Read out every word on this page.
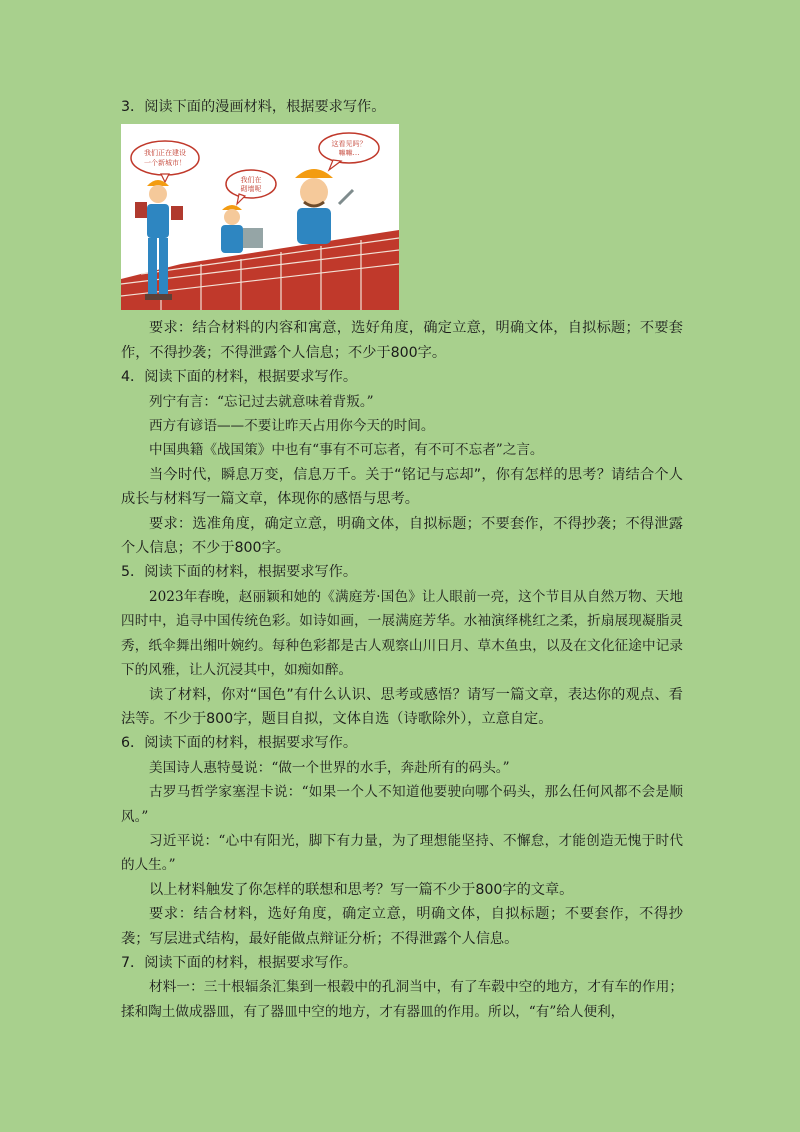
3．阅读下面的漫画材料，根据要求写作。

我们正在建设
一个新城市！
我们在
砌墙呢
这看见吗？
嘛嘛…

要求：结合材料的内容和寓意，选好角度，确定立意，明确文体，自拟标题；不要套作，不得抄袭；不得泄露个人信息；不少于800字。

4．阅读下面的材料，根据要求写作。

列宁有言：“忘记过去就意味着背叛。”

西方有谚语——不要让昨天占用你今天的时间。

中国典籍《战国策》中也有“事有不可忘者，有不可不忘者”之言。

当今时代，瞬息万变，信息万千。关于“铭记与忘却”，你有怎样的思考？请结合个人成长与材料写一篇文章，体现你的感悟与思考。

要求：选准角度，确定立意，明确文体，自拟标题；不要套作，不得抄袭；不得泄露个人信息；不少于800字。

5．阅读下面的材料，根据要求写作。

2023年春晚，赵丽颖和她的《满庭芳·国色》让人眼前一亮，这个节目从自然万物、天地四时中，追寻中国传统色彩。如诗如画，一展满庭芳华。水袖演绎桃红之柔，折扇展现凝脂灵秀，纸伞舞出缃叶婉约。每种色彩都是古人观察山川日月、草木鱼虫，以及在文化征途中记录下的风雅，让人沉浸其中，如痴如醉。

读了材料，你对“国色”有什么认识、思考或感悟？请写一篇文章，表达你的观点、看法等。不少于800字，题目自拟，文体自选（诗歌除外），立意自定。

6．阅读下面的材料，根据要求写作。

美国诗人惠特曼说：“做一个世界的水手，奔赴所有的码头。”

古罗马哲学家塞涅卡说：“如果一个人不知道他要驶向哪个码头，那么任何风都不会是顺风。”

习近平说：“心中有阳光，脚下有力量，为了理想能坚持、不懈怠，才能创造无愧于时代的人生。”

以上材料触发了你怎样的联想和思考？写一篇不少于800字的文章。

要求：结合材料，选好角度，确定立意，明确文体，自拟标题；不要套作，不得抄袭；写层进式结构，最好能做点辩证分析；不得泄露个人信息。

7．阅读下面的材料，根据要求写作。

材料一：三十根辐条汇集到一根毂中的孔洞当中，有了车毂中空的地方，才有车的作用；揉和陶土做成器皿，有了器皿中空的地方，才有器皿的作用。所以，“有”给人便利，
